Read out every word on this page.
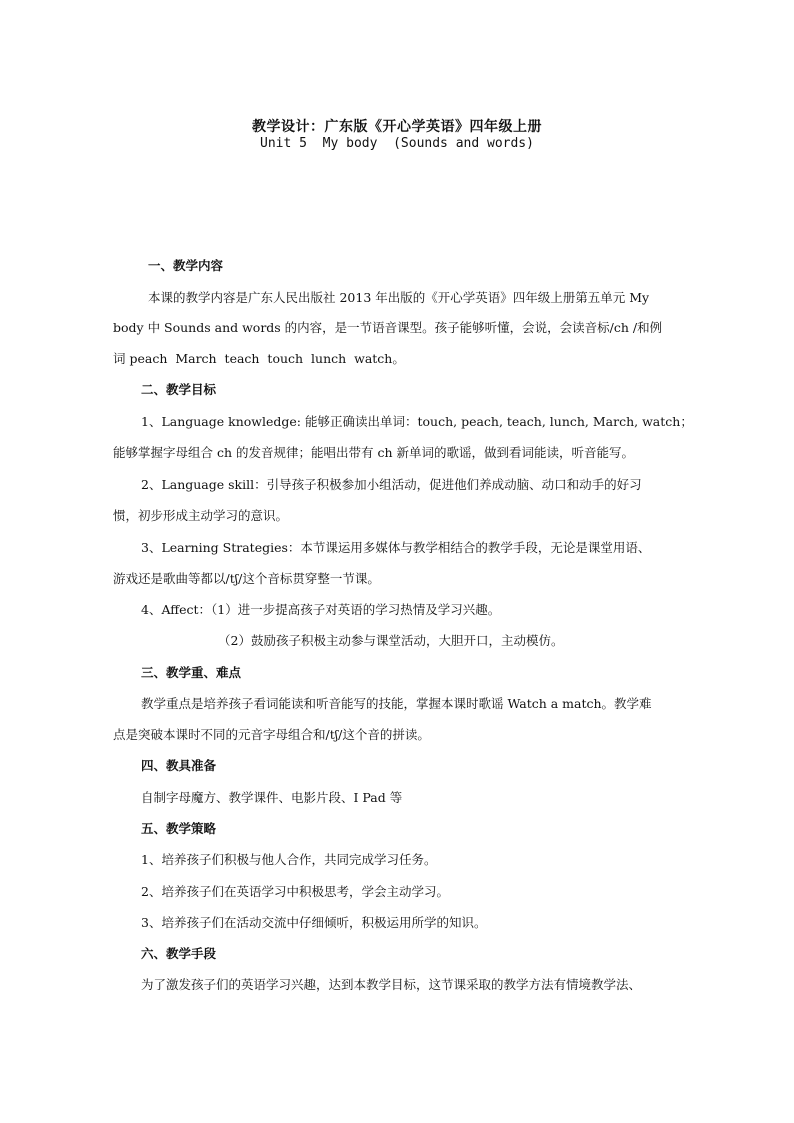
教学设计：广东版《开心学英语》四年级上册
Unit 5  My body  (Sounds and words)
一、教学内容
本课的教学内容是广东人民出版社 2013 年出版的《开心学英语》四年级上册第五单元 My
body 中 Sounds and words 的内容，是一节语音课型。孩子能够听懂，会说，会读音标/ch /和例
词 peach  March  teach  touch  lunch  watch。
二、教学目标
1、Language knowledge: 能够正确读出单词：touch, peach, teach, lunch, March, watch；
能够掌握字母组合 ch 的发音规律；能唱出带有 ch 新单词的歌谣，做到看词能读，听音能写。
2、Language skill：引导孩子积极参加小组活动，促进他们养成动脑、动口和动手的好习
惯，初步形成主动学习的意识。
3、Learning Strategies：本节课运用多媒体与教学相结合的教学手段，无论是课堂用语、
游戏还是歌曲等都以/tʃ/这个音标贯穿整一节课。
4、Affect：（1）进一步提高孩子对英语的学习热情及学习兴趣。
（2）鼓励孩子积极主动参与课堂活动，大胆开口，主动模仿。
三、教学重、难点
教学重点是培养孩子看词能读和听音能写的技能，掌握本课时歌谣 Watch a match。教学难
点是突破本课时不同的元音字母组合和/tʃ/这个音的拼读。
四、教具准备
自制字母魔方、教学课件、电影片段、I Pad 等
五、教学策略
1、培养孩子们积极与他人合作，共同完成学习任务。
2、培养孩子们在英语学习中积极思考，学会主动学习。
3、培养孩子们在活动交流中仔细倾听，积极运用所学的知识。
六、教学手段
为了激发孩子们的英语学习兴趣，达到本教学目标，这节课采取的教学方法有情境教学法、
